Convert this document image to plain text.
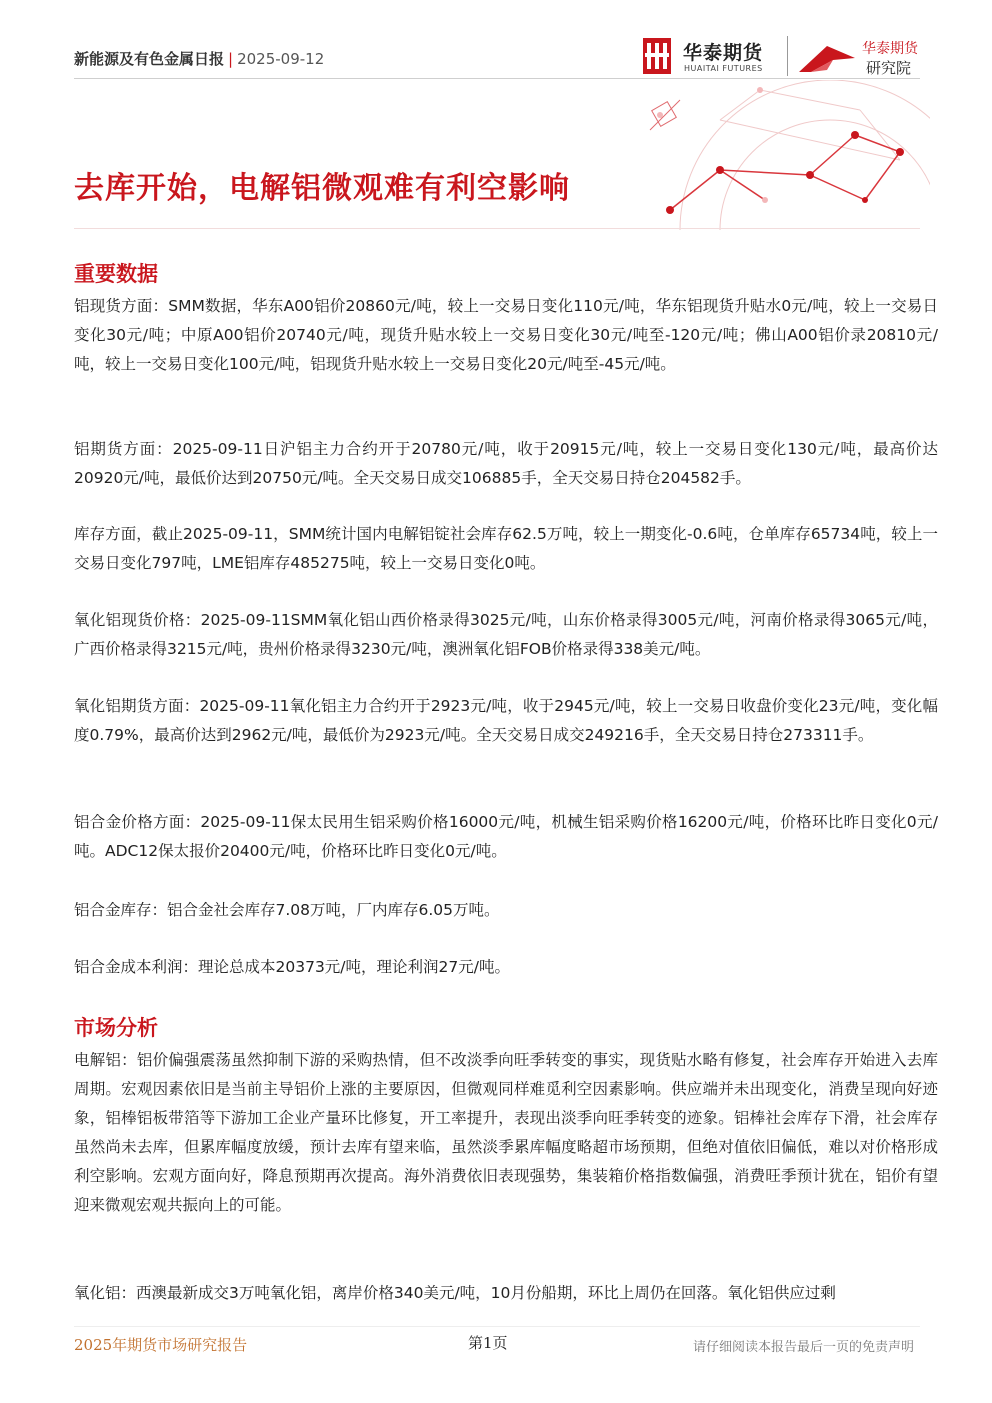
新能源及有色金属日报 | 2025-09-12	华泰期货
HUAITAI FUTURES
华泰期货
研究院
去库开始，电解铝微观难有利空影响
重要数据
铝现货方面：SMM数据，华东A00铝价20860元/吨，较上一交易日变化110元/吨，华东铝现货升贴水0元/吨，较上一交易日变化30元/吨；中原A00铝价20740元/吨，现货升贴水较上一交易日变化30元/吨至-120元/吨；佛山A00铝价录20810元/吨，较上一交易日变化100元/吨，铝现货升贴水较上一交易日变化20元/吨至-45元/吨。
铝期货方面：2025-09-11日沪铝主力合约开于20780元/吨，收于20915元/吨，较上一交易日变化130元/吨，最高价达20920元/吨，最低价达到20750元/吨。全天交易日成交106885手，全天交易日持仓204582手。
库存方面，截止2025-09-11，SMM统计国内电解铝锭社会库存62.5万吨，较上一期变化-0.6吨，仓单库存65734吨，较上一交易日变化797吨，LME铝库存485275吨，较上一交易日变化0吨。
氧化铝现货价格：2025-09-11SMM氧化铝山西价格录得3025元/吨，山东价格录得3005元/吨，河南价格录得3065元/吨，广西价格录得3215元/吨，贵州价格录得3230元/吨，澳洲氧化铝FOB价格录得338美元/吨。
氧化铝期货方面：2025-09-11氧化铝主力合约开于2923元/吨，收于2945元/吨，较上一交易日收盘价变化23元/吨，变化幅度0.79%，最高价达到2962元/吨，最低价为2923元/吨。全天交易日成交249216手，全天交易日持仓273311手。
铝合金价格方面：2025-09-11保太民用生铝采购价格16000元/吨，机械生铝采购价格16200元/吨，价格环比昨日变化0元/吨。ADC12保太报价20400元/吨，价格环比昨日变化0元/吨。
铝合金库存：铝合金社会库存7.08万吨，厂内库存6.05万吨。
铝合金成本利润：理论总成本20373元/吨，理论利润27元/吨。
市场分析
电解铝：铝价偏强震荡虽然抑制下游的采购热情，但不改淡季向旺季转变的事实，现货贴水略有修复，社会库存开始进入去库周期。宏观因素依旧是当前主导铝价上涨的主要原因，但微观同样难觅利空因素影响。供应端并未出现变化，消费呈现向好迹象，铝棒铝板带箔等下游加工企业产量环比修复，开工率提升，表现出淡季向旺季转变的迹象。铝棒社会库存下滑，社会库存虽然尚未去库，但累库幅度放缓，预计去库有望来临，虽然淡季累库幅度略超市场预期，但绝对值依旧偏低，难以对价格形成利空影响。宏观方面向好，降息预期再次提高。海外消费依旧表现强势，集装箱价格指数偏强，消费旺季预计犹在，铝价有望迎来微观宏观共振向上的可能。
氧化铝：西澳最新成交3万吨氧化铝，离岸价格340美元/吨，10月份船期，环比上周仍在回落。氧化铝供应过剩
2025年期货市场研究报告	第1页	请仔细阅读本报告最后一页的免责声明
